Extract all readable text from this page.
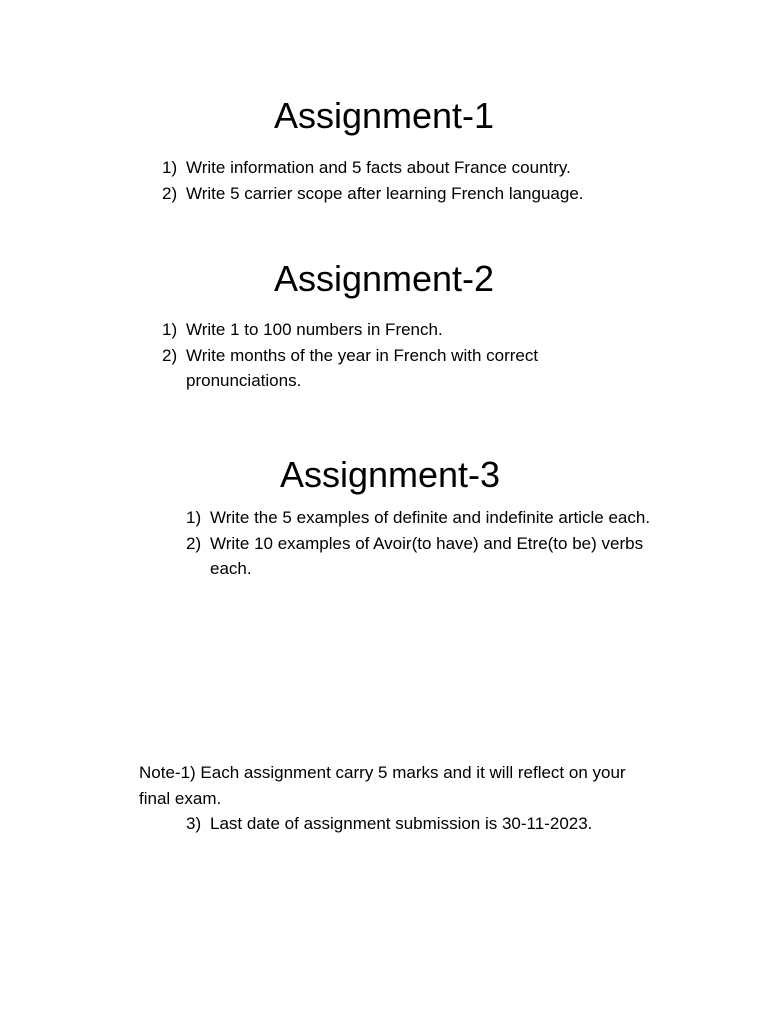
Assignment-1
1) Write information and 5 facts about France country.
2) Write 5 carrier scope after learning French language.
Assignment-2
1) Write 1 to 100 numbers in French.
2) Write months of the year in French with correct pronunciations.
Assignment-3
1) Write the 5 examples of definite and indefinite article each.
2) Write 10 examples of Avoir(to have) and Etre(to be) verbs each.

Note-1) Each assignment carry 5 marks and it will reflect on your final exam.

3) Last date of assignment submission is 30-11-2023.
